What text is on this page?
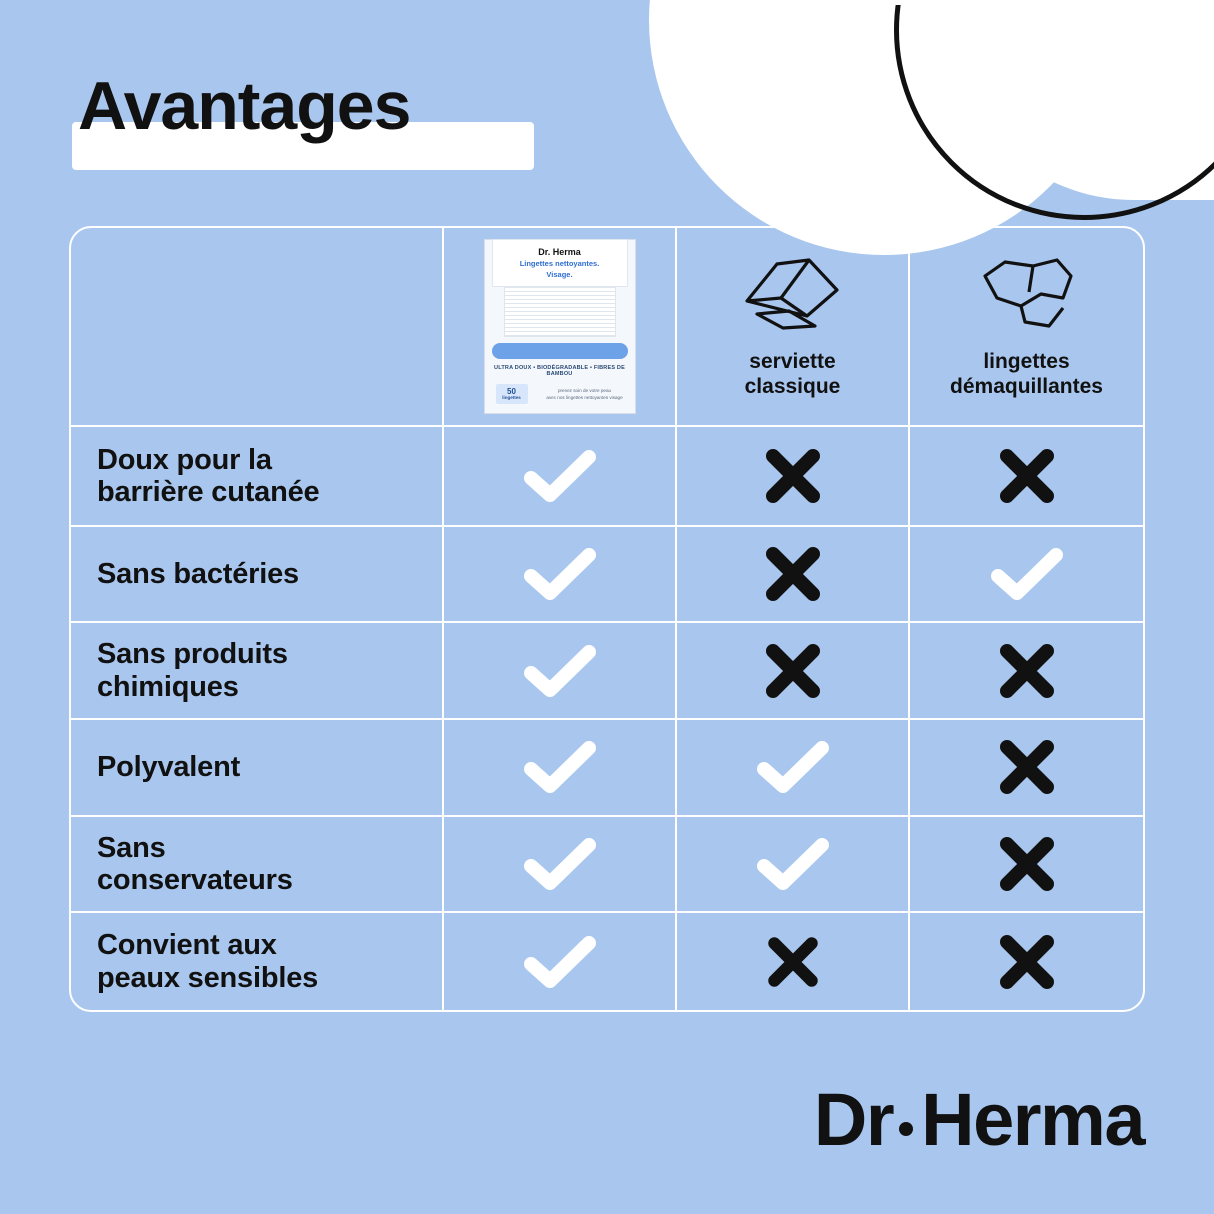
Avantages
Dr. Herma
Lingettes nettoyantes.
Visage.
ULTRA DOUX • BIODÉGRADABLE • FIBRES DE BAMBOU
50
lingettes
prenez soin de votre peau
avec nos lingettes nettoyantes visage
serviette
classique
lingettes
démaquillantes
Doux pour la
barrière cutanée
Sans bactéries
Sans produits
chimiques
Polyvalent
Sans
conservateurs
Convient aux
peaux sensibles
Dr Herma
